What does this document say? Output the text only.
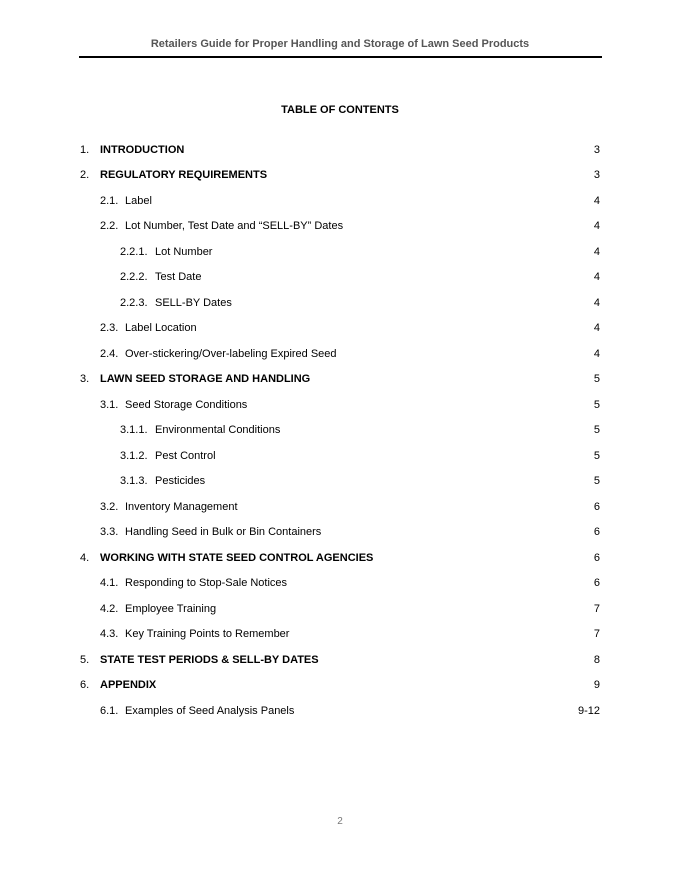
Retailers Guide for Proper Handling and Storage of Lawn Seed Products
TABLE OF CONTENTS
1. INTRODUCTION	3
2. REGULATORY REQUIREMENTS	3
2.1. Label	4
2.2. Lot Number, Test Date and “SELL-BY” Dates	4
2.2.1. Lot Number	4
2.2.2. Test Date	4
2.2.3. SELL-BY Dates	4
2.3. Label Location	4
2.4. Over-stickering/Over-labeling Expired Seed	4
3. LAWN SEED STORAGE AND HANDLING	5
3.1. Seed Storage Conditions	5
3.1.1. Environmental Conditions	5
3.1.2. Pest Control	5
3.1.3. Pesticides	5
3.2. Inventory Management	6
3.3. Handling Seed in Bulk or Bin Containers	6
4. WORKING WITH STATE SEED CONTROL AGENCIES	6
4.1. Responding to Stop-Sale Notices	6
4.2. Employee Training	7
4.3. Key Training Points to Remember	7
5. STATE TEST PERIODS & SELL-BY DATES	8
6. APPENDIX	9
6.1. Examples of Seed Analysis Panels	9-12
2
